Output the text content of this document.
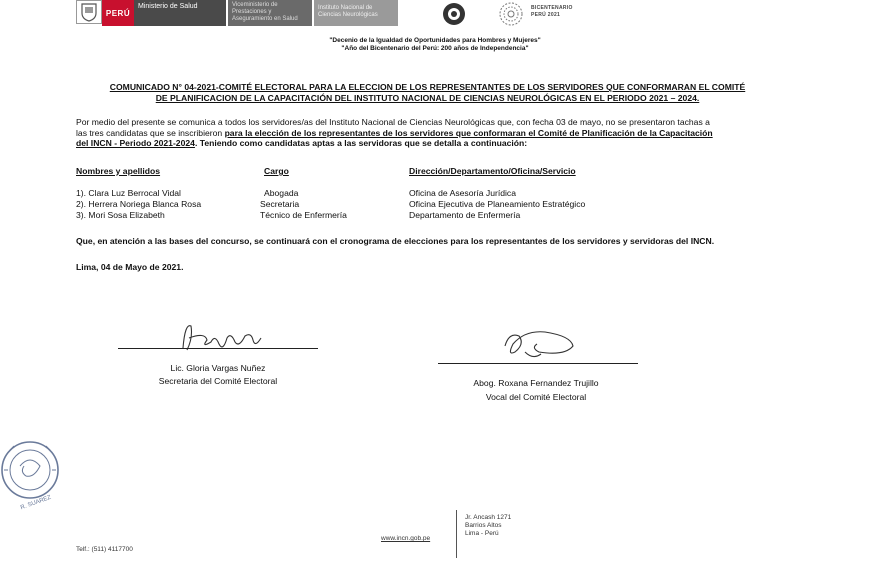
PERÚ
Ministerio de Salud	Viceministerio de Prestaciones y Aseguramiento en Salud
Instituto Nacional de Ciencias Neurológicas
BICENTENARIO
PERÚ 2021
"Decenio de la Igualdad de Oportunidades para Hombres y Mujeres"
"Año del Bicentenario del Perú: 200 años de Independencia"
COMUNICADO N° 04-2021-COMITÉ ELECTORAL PARA LA ELECCION DE LOS REPRESENTANTES DE LOS SERVIDORES QUE CONFORMARAN EL COMITÉ
DE PLANIFICACION DE LA CAPACITACIÓN DEL INSTITUTO NACIONAL DE CIENCIAS NEUROLÓGICAS EN EL PERIODO 2021 – 2024.
Por medio del presente se comunica a todos los servidores/as del Instituto Nacional de Ciencias Neurológicas que, con fecha 03 de mayo, no se presentaron tachas a
las tres candidatas que se inscribieron para la elección de los representantes de los servidores que conformaran el Comité de Planificación de la Capacitación
del INCN - Periodo 2021-2024. Teniendo como candidatas aptas a las servidoras que se detalla a continuación:
Nombres y apellidos	Cargo	Dirección/Departamento/Oficina/Servicio
1). Clara Luz Berrocal Vidal	Abogada	Oficina de Asesoría Jurídica
2). Herrera Noriega Blanca Rosa	Secretaria	Oficina Ejecutiva de Planeamiento Estratégico
3). Mori Sosa Elizabeth	Técnico de Enfermería	Departamento de Enfermería
Que, en atención a las bases del concurso, se continuará con el cronograma de elecciones para los representantes de los servidores y servidoras del INCN.
Lima, 04 de Mayo de 2021.
Lic. Gloria Vargas Nuñez
Secretaria del Comité Electoral	Abog. Roxana Fernandez Trujillo
Vocal del Comité Electoral
R. SUAREZ
Telf.: (511) 4117700
www.incn.gob.pe
Jr. Ancash 1271
Barrios Altos
Lima - Perú
